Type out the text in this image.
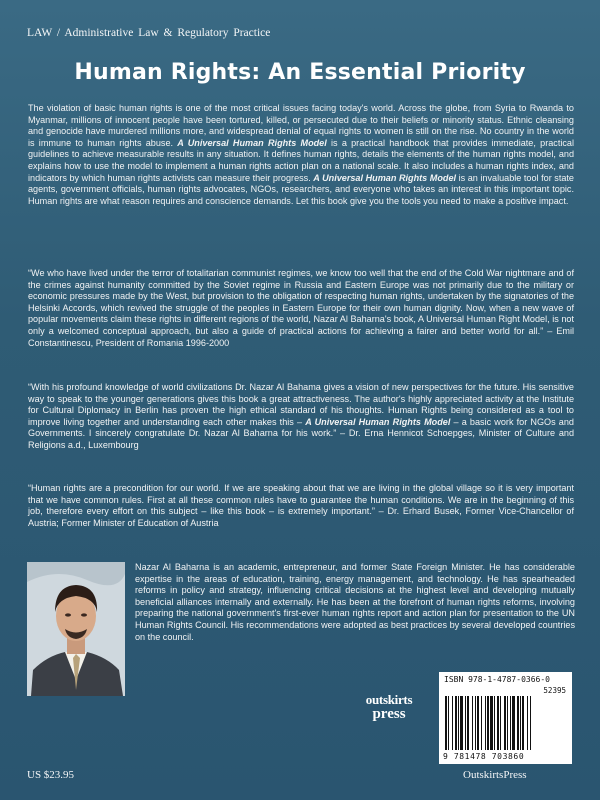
LAW / Administrative Law & Regulatory Practice
Human Rights: An Essential Priority

The violation of basic human rights is one of the most critical issues facing today's world. Across the globe, from Syria to Rwanda to Myanmar, millions of innocent people have been tortured, killed, or persecuted due to their beliefs or minority status. Ethnic cleansing and genocide have murdered millions more, and widespread denial of equal rights to women is still on the rise. No country in the world is immune to human rights abuse. A Universal Human Rights Model is a practical handbook that provides immediate, practical guidelines to achieve measurable results in any situation. It defines human rights, details the elements of the human rights model, and explains how to use the model to implement a human rights action plan on a national scale. It also includes a human rights index, and indicators by which human rights activists can measure their progress. A Universal Human Rights Model is an invaluable tool for state agents, government officials, human rights advocates, NGOs, researchers, and everyone who takes an interest in this important topic. Human rights are what reason requires and conscience demands. Let this book give you the tools you need to make a positive impact.

“We who have lived under the terror of totalitarian communist regimes, we know too well that the end of the Cold War nightmare and of the crimes against humanity committed by the Soviet regime in Russia and Eastern Europe was not primarily due to the military or economic pressures made by the West, but provision to the obligation of respecting human rights, undertaken by the signatories of the Helsinki Accords, which revived the struggle of the peoples in Eastern Europe for their own human dignity. Now, when a new wave of popular movements claim these rights in different regions of the world, Nazar Al Baharna's book, A Universal Human Right Model, is not only a welcomed conceptual approach, but also a guide of practical actions for achieving a fairer and better world for all.” – Emil Constantinescu, President of Romania 1996-2000

“With his profound knowledge of world civilizations Dr. Nazar Al Bahama gives a vision of new perspectives for the future. His sensitive way to speak to the younger generations gives this book a great attractiveness. The author's highly appreciated activity at the Institute for Cultural Diplomacy in Berlin has proven the high ethical standard of his thoughts. Human Rights being considered as a tool to improve living together and understanding each other makes this – A Universal Human Rights Model – a basic work for NGOs and Governments. I sincerely congratulate Dr. Nazar Al Baharna for his work.” – Dr. Erna Hennicot Schoepges, Minister of Culture and Religions a.d., Luxembourg

“Human rights are a precondition for our world. If we are speaking about that we are living in the global village so it is very important that we have common rules. First at all these common rules have to guarantee the human conditions. We are in the beginning of this job, therefore every effort on this subject – like this book – is extremely important.” – Dr. Erhard Busek, Former Vice-Chancellor of Austria; Former Minister of Education of Austria

Nazar Al Baharna is an academic, entrepreneur, and former State Foreign Minister. He has considerable expertise in the areas of education, training, energy management, and technology. He has spearheaded reforms in policy and strategy, influencing critical decisions at the highest level and developing mutually beneficial alliances internally and externally. He has been at the forefront of human rights reforms, involving preparing the national government's first-ever human rights report and action plan for presentation to the UN Human Rights Council. His recommendations were adopted as best practices by several developed countries on the council.

outskirts
press
ISBN 978-1-4787-0366-0
52395
9 781478 703860
US $23.95	OutskirtsPress
